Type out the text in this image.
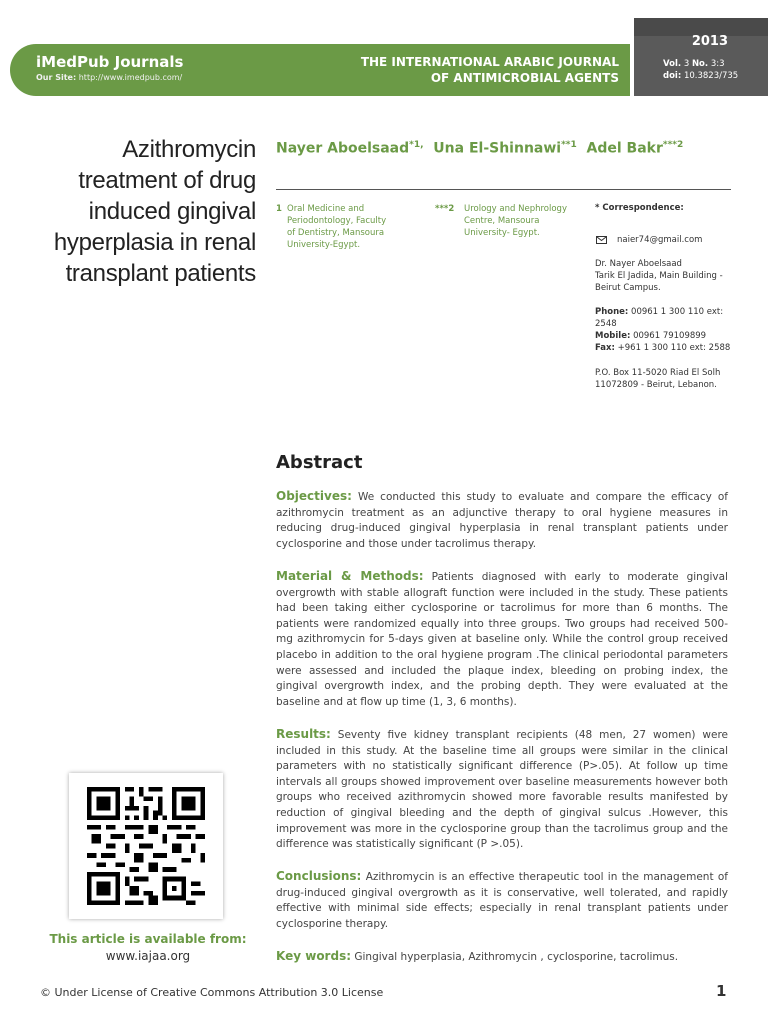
iMedPub Journals
Our Site: http://www.imedpub.com/
THE INTERNATIONAL ARABIC JOURNAL
OF ANTIMICROBIAL AGENTS
2013
Vol. 3 No. 3:3
doi: 10.3823/735
Azithromycin
treatment of drug
induced gingival
hyperplasia in renal
transplant patients
Nayer Aboelsaad$^{*1,}$ Una El-Shinnawi$^{**1}$ Adel Bakr$^{***2}$
1 Oral Medicine and
Periodontology, Faculty
of Dentistry, Mansoura
University-Egypt.
***2 Urology and Nephrology
Centre, Mansoura
University- Egypt.
* Correspondence:
naier74@gmail.com
Dr. Nayer Aboelsaad
Tarik El Jadida, Main Building -
Beirut Campus.
Phone: 00961 1 300 110 ext:
2548
Mobile: 00961 79109899
Fax: +961 1 300 110 ext: 2588
P.O. Box 11-5020 Riad El Solh
11072809 - Beirut, Lebanon.
Abstract
Objectives: We conducted this study to evaluate and compare the efficacy of azithromycin treatment as an adjunctive therapy to oral hygiene measures in reducing drug-induced gingival hyperplasia in renal transplant patients under cyclosporine and those under tacrolimus therapy.
Material & Methods: Patients diagnosed with early to moderate gingival overgrowth with stable allograft function were included in the study. These patients had been taking either cyclosporine or tacrolimus for more than 6 months. The patients were randomized equally into three groups. Two groups had received 500-mg azithromycin for 5-days given at baseline only. While the control group received placebo in addition to the oral hygiene program .The clinical periodontal parameters were assessed and included the plaque index, bleeding on probing index, the gingival overgrowth index, and the probing depth. They were evaluated at the baseline and at flow up time (1, 3, 6 months).
Results: Seventy five kidney transplant recipients (48 men, 27 women) were included in this study. At the baseline time all groups were similar in the clinical parameters with no statistically significant difference (P>.05). At follow up time intervals all groups showed improvement over baseline measurements however both groups who received azithromycin showed more favorable results manifested by reduction of gingival bleeding and the depth of gingival sulcus .However, this improvement was more in the cyclosporine group than the tacrolimus group and the difference was statistically significant (P >.05).
Conclusions: Azithromycin is an effective therapeutic tool in the management of drug-induced gingival overgrowth as it is conservative, well tolerated, and rapidly effective with minimal side effects; especially in renal transplant patients under cyclosporine therapy.
Key words: Gingival hyperplasia, Azithromycin , cyclosporine, tacrolimus.
This article is available from:
www.iajaa.org
© Under License of Creative Commons Attribution 3.0 License	1
